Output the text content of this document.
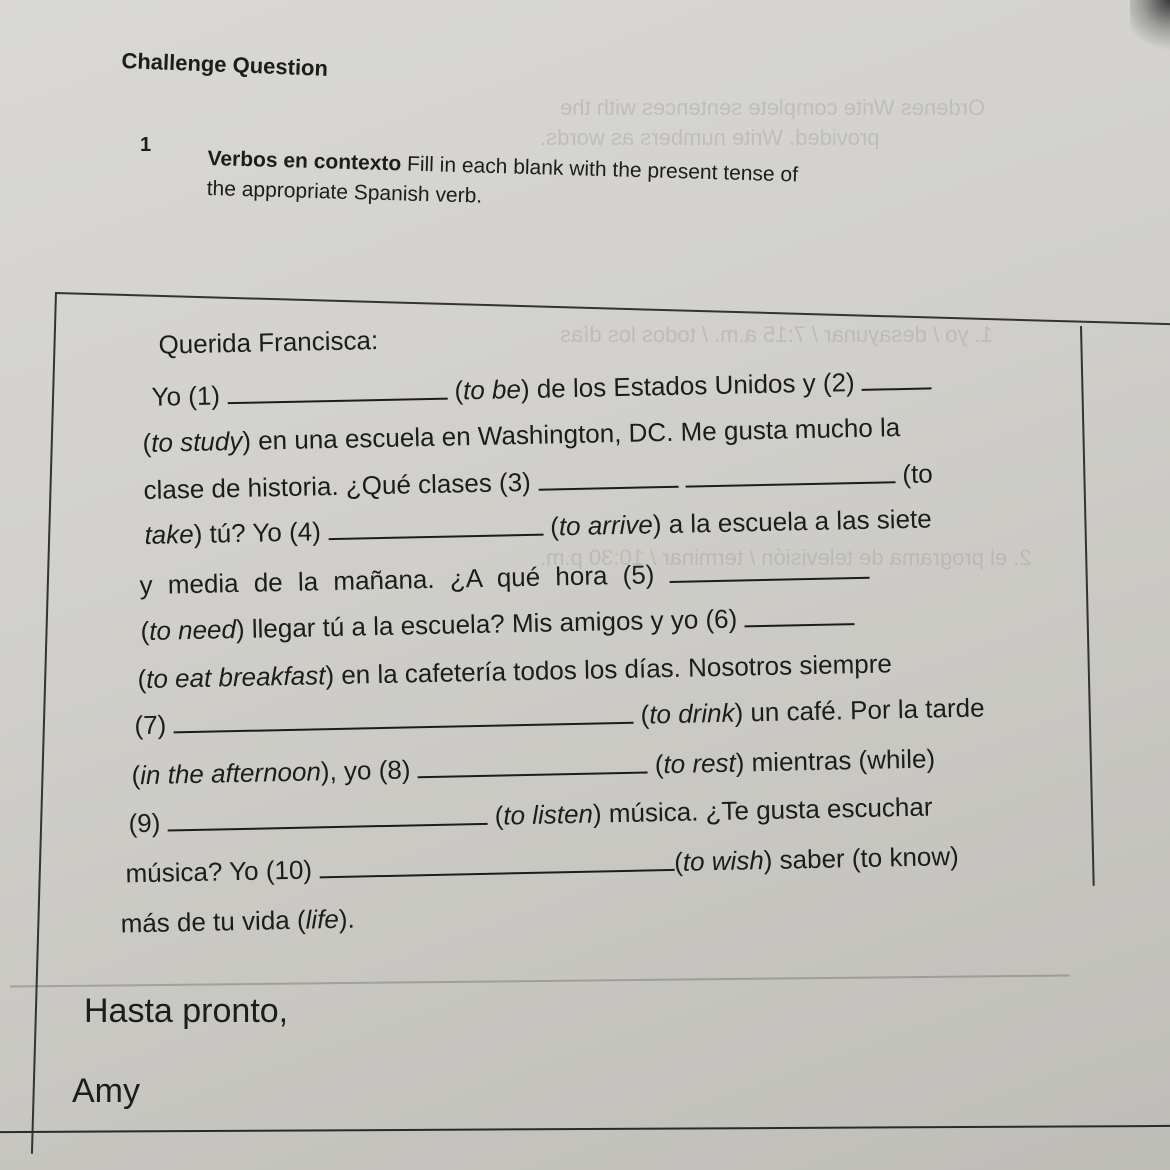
Ordenes Write complete sentences with the
provided. Write numbers as words.
1. yo / desayunar / 7:15 a.m. / todos los días
2. el programa de televisión / terminar / 10:30 p.m.
Challenge Question
1
Verbos en contexto Fill in each blank with the present tense of
the appropriate Spanish verb.
Querida Francisca:
Yo (1)	(to be) de los Estados Unidos y (2)
(to study) en una escuela en Washington, DC. Me gusta mucho la
clase de historia. ¿Qué clases (3)	(to
take) tú? Yo (4)	(to arrive) a la escuela a las siete
y media de la mañana. ¿A qué hora (5)
(to need) llegar tú a la escuela? Mis amigos y yo (6)
(to eat breakfast) en la cafetería todos los días. Nosotros siempre
(7)	(to drink) un café. Por la tarde
(in the afternoon), yo (8)	(to rest) mientras (while)
(9)	(to listen) música. ¿Te gusta escuchar
música? Yo (10)	(to wish) saber (to know)
más de tu vida (life).
Hasta pronto,
Amy
